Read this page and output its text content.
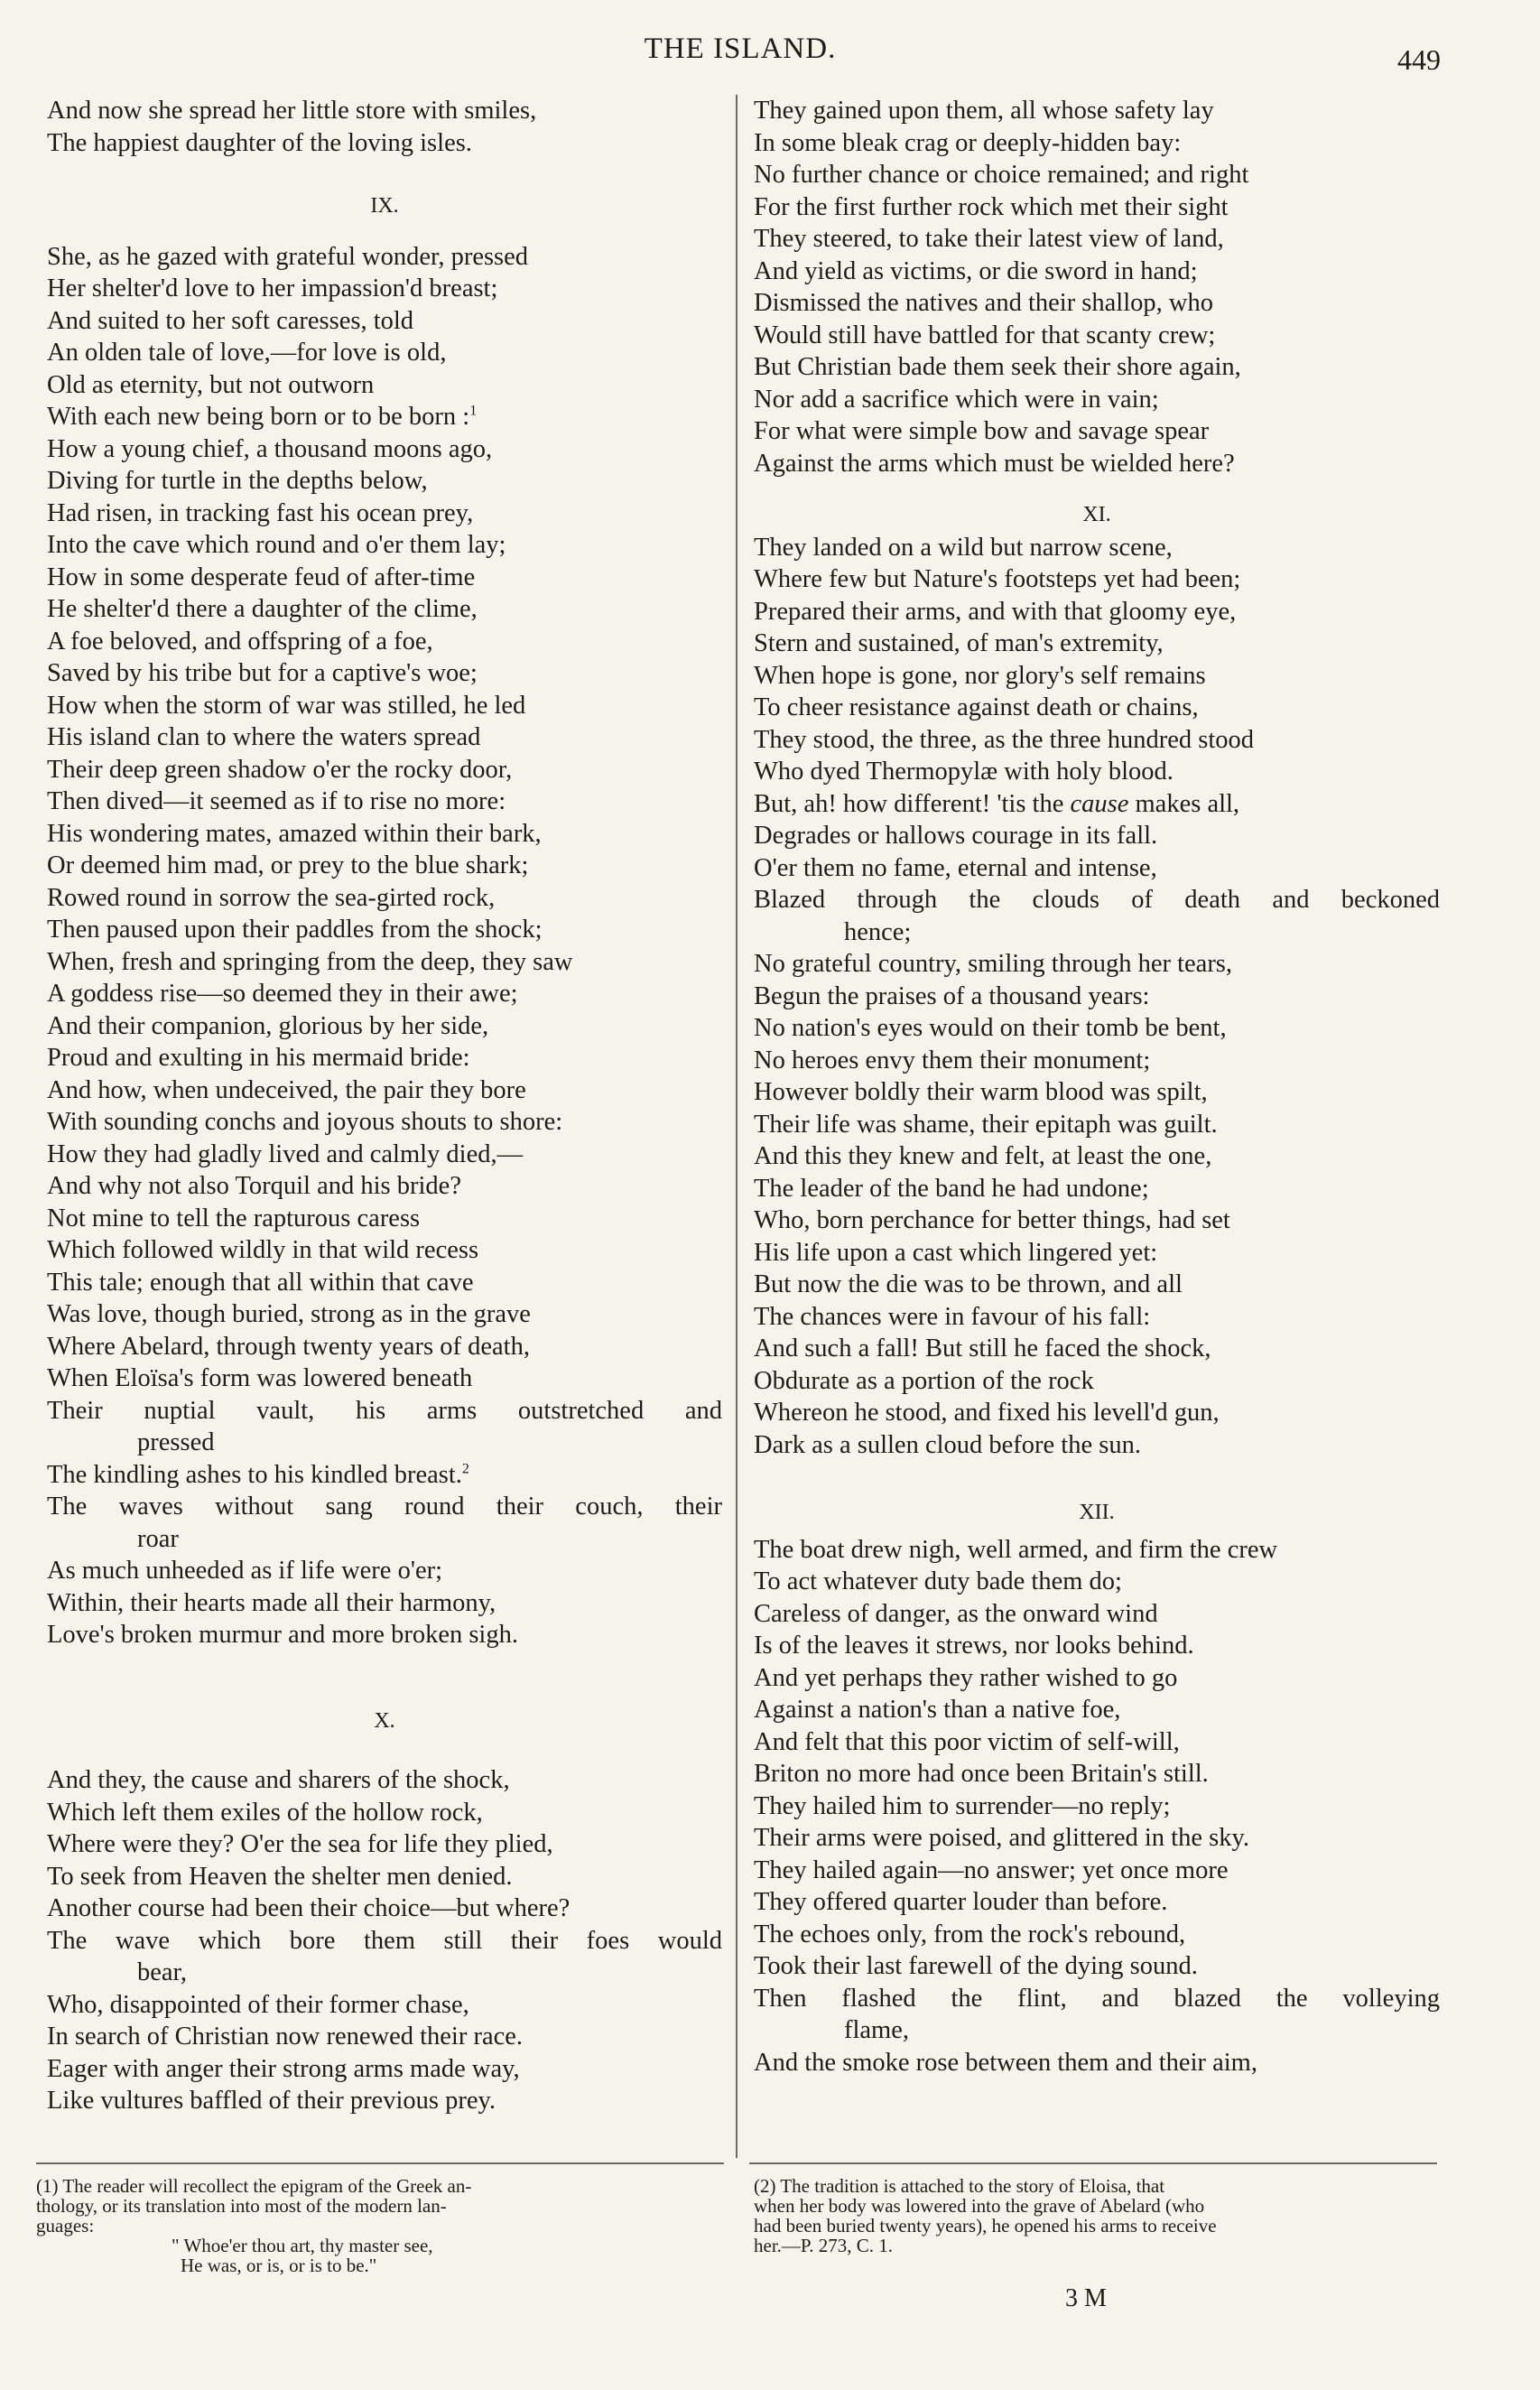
THE ISLAND.	449
And now she spread her little store with smiles,
The happiest daughter of the loving isles.
IX.
She, as he gazed with grateful wonder, pressed
Her shelter'd love to her impassion'd breast;
And suited to her soft caresses, told
An olden tale of love,—for love is old,
Old as eternity, but not outworn
With each new being born or to be born :$^1$
How a young chief, a thousand moons ago,
Diving for turtle in the depths below,
Had risen, in tracking fast his ocean prey,
Into the cave which round and o'er them lay;
How in some desperate feud of after-time
He shelter'd there a daughter of the clime,
A foe beloved, and offspring of a foe,
Saved by his tribe but for a captive's woe;
How when the storm of war was stilled, he led
His island clan to where the waters spread
Their deep green shadow o'er the rocky door,
Then dived—it seemed as if to rise no more:
His wondering mates, amazed within their bark,
Or deemed him mad, or prey to the blue shark;
Rowed round in sorrow the sea-girted rock,
Then paused upon their paddles from the shock;
When, fresh and springing from the deep, they saw
A goddess rise—so deemed they in their awe;
And their companion, glorious by her side,
Proud and exulting in his mermaid bride:
And how, when undeceived, the pair they bore
With sounding conchs and joyous shouts to shore:
How they had gladly lived and calmly died,—
And why not also Torquil and his bride?
Not mine to tell the rapturous caress
Which followed wildly in that wild recess
This tale; enough that all within that cave
Was love, though buried, strong as in the grave
Where Abelard, through twenty years of death,
When Eloïsa's form was lowered beneath
Their nuptial vault, his arms outstretched and
pressed
The kindling ashes to his kindled breast.$^2$
The waves without sang round their couch, their
roar
As much unheeded as if life were o'er;
Within, their hearts made all their harmony,
Love's broken murmur and more broken sigh.
X.
And they, the cause and sharers of the shock,
Which left them exiles of the hollow rock,
Where were they? O'er the sea for life they plied,
To seek from Heaven the shelter men denied.
Another course had been their choice—but where?
The wave which bore them still their foes would
bear,
Who, disappointed of their former chase,
In search of Christian now renewed their race.
Eager with anger their strong arms made way,
Like vultures baffled of their previous prey.
They gained upon them, all whose safety lay
In some bleak crag or deeply-hidden bay:
No further chance or choice remained; and right
For the first further rock which met their sight
They steered, to take their latest view of land,
And yield as victims, or die sword in hand;
Dismissed the natives and their shallop, who
Would still have battled for that scanty crew;
But Christian bade them seek their shore again,
Nor add a sacrifice which were in vain;
For what were simple bow and savage spear
Against the arms which must be wielded here?
XI.
They landed on a wild but narrow scene,
Where few but Nature's footsteps yet had been;
Prepared their arms, and with that gloomy eye,
Stern and sustained, of man's extremity,
When hope is gone, nor glory's self remains
To cheer resistance against death or chains,
They stood, the three, as the three hundred stood
Who dyed Thermopylæ with holy blood.
But, ah! how different! 'tis the cause makes all,
Degrades or hallows courage in its fall.
O'er them no fame, eternal and intense,
Blazed through the clouds of death and beckoned
hence;
No grateful country, smiling through her tears,
Begun the praises of a thousand years:
No nation's eyes would on their tomb be bent,
No heroes envy them their monument;
However boldly their warm blood was spilt,
Their life was shame, their epitaph was guilt.
And this they knew and felt, at least the one,
The leader of the band he had undone;
Who, born perchance for better things, had set
His life upon a cast which lingered yet:
But now the die was to be thrown, and all
The chances were in favour of his fall:
And such a fall! But still he faced the shock,
Obdurate as a portion of the rock
Whereon he stood, and fixed his levell'd gun,
Dark as a sullen cloud before the sun.
XII.
The boat drew nigh, well armed, and firm the crew
To act whatever duty bade them do;
Careless of danger, as the onward wind
Is of the leaves it strews, nor looks behind.
And yet perhaps they rather wished to go
Against a nation's than a native foe,
And felt that this poor victim of self-will,
Briton no more had once been Britain's still.
They hailed him to surrender—no reply;
Their arms were poised, and glittered in the sky.
They hailed again—no answer; yet once more
They offered quarter louder than before.
The echoes only, from the rock's rebound,
Took their last farewell of the dying sound.
Then flashed the flint, and blazed the volleying
flame,
And the smoke rose between them and their aim,
(1) The reader will recollect the epigram of the Greek an-
thology, or its translation into most of the modern lan-
guages:
" Whoe'er thou art, thy master see,
He was, or is, or is to be."
(2) The tradition is attached to the story of Eloisa, that
when her body was lowered into the grave of Abelard (who
had been buried twenty years), he opened his arms to receive
her.—P. 273, C. 1.
3 M
